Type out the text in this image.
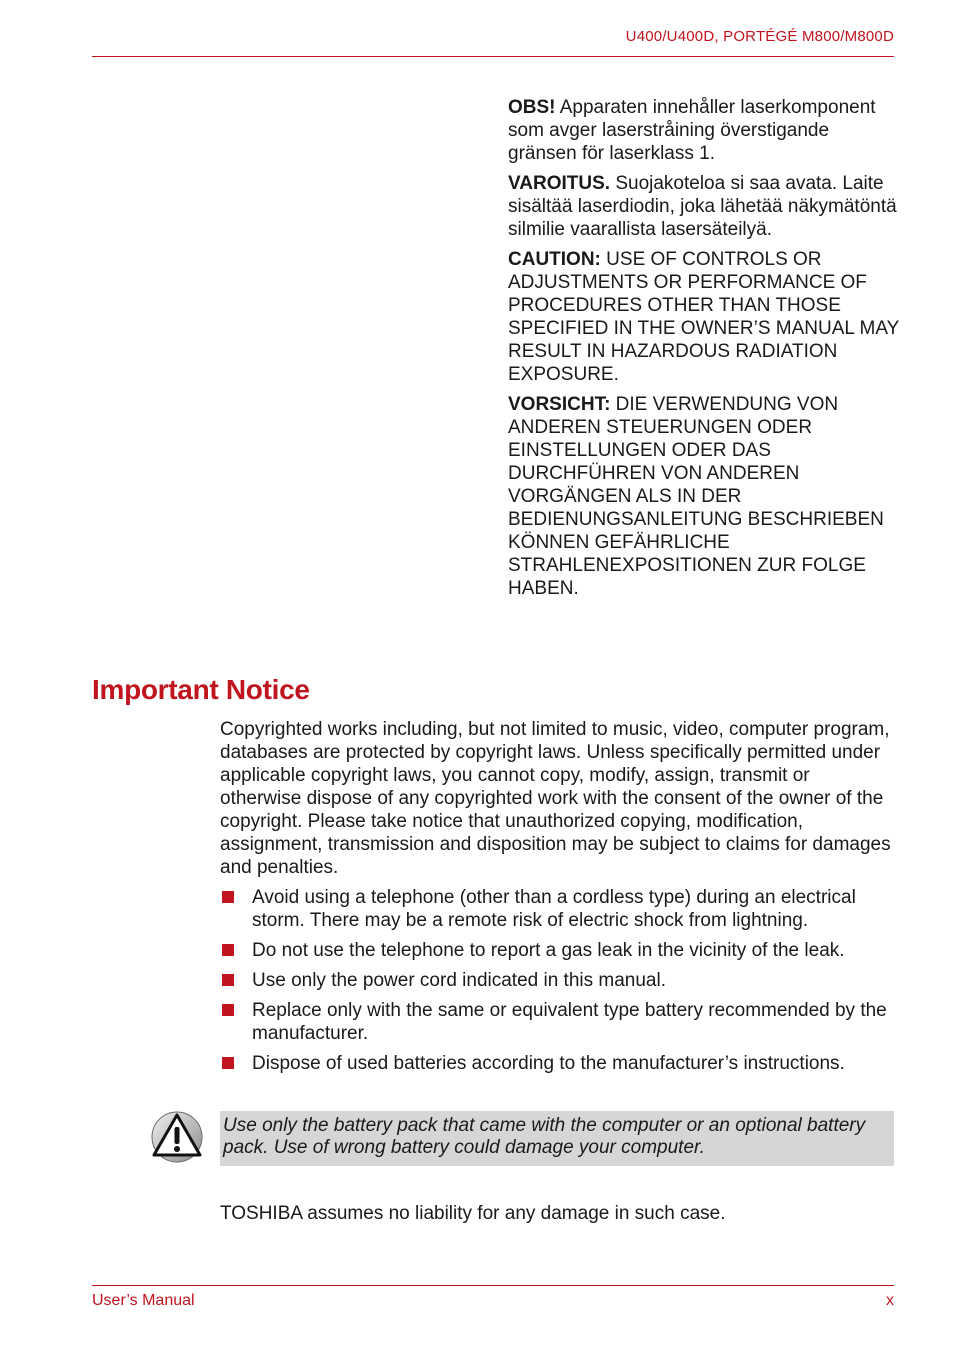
U400/U400D, PORTÉGÉ M800/M800D

OBS! Apparaten innehåller laserkomponent som avger laserstråining överstigande gränsen för laserklass 1.

VAROITUS. Suojakoteloa si saa avata. Laite sisältää laserdiodin, joka lähetää näkymätöntä silmilie vaarallista lasersäteilyä.

CAUTION: USE OF CONTROLS OR ADJUSTMENTS OR PERFORMANCE OF PROCEDURES OTHER THAN THOSE SPECIFIED IN THE OWNER’S MANUAL MAY RESULT IN HAZARDOUS RADIATION EXPOSURE.

VORSICHT: DIE VERWENDUNG VON ANDEREN STEUERUNGEN ODER EINSTELLUNGEN ODER DAS DURCHFÜHREN VON ANDEREN VORGÄNGEN ALS IN DER BEDIENUNGSANLEITUNG BESCHRIEBEN KÖNNEN GEFÄHRLICHE STRAHLENEXPOSITIONEN ZUR FOLGE HABEN.

Important Notice

Copyrighted works including, but not limited to music, video, computer program, databases are protected by copyright laws. Unless specifically permitted under applicable copyright laws, you cannot copy, modify, assign, transmit or otherwise dispose of any copyrighted work with the consent of the owner of the copyright. Please take notice that unauthorized copying, modification, assignment, transmission and disposition may be subject to claims for damages and penalties.

Avoid using a telephone (other than a cordless type) during an electrical storm. There may be a remote risk of electric shock from lightning.
Do not use the telephone to report a gas leak in the vicinity of the leak.
Use only the power cord indicated in this manual.
Replace only with the same or equivalent type battery recommended by the manufacturer.
Dispose of used batteries according to the manufacturer’s instructions.
Use only the battery pack that came with the computer or an optional battery pack. Use of wrong battery could damage your computer.
TOSHIBA assumes no liability for any damage in such case.
User’s Manual	x
